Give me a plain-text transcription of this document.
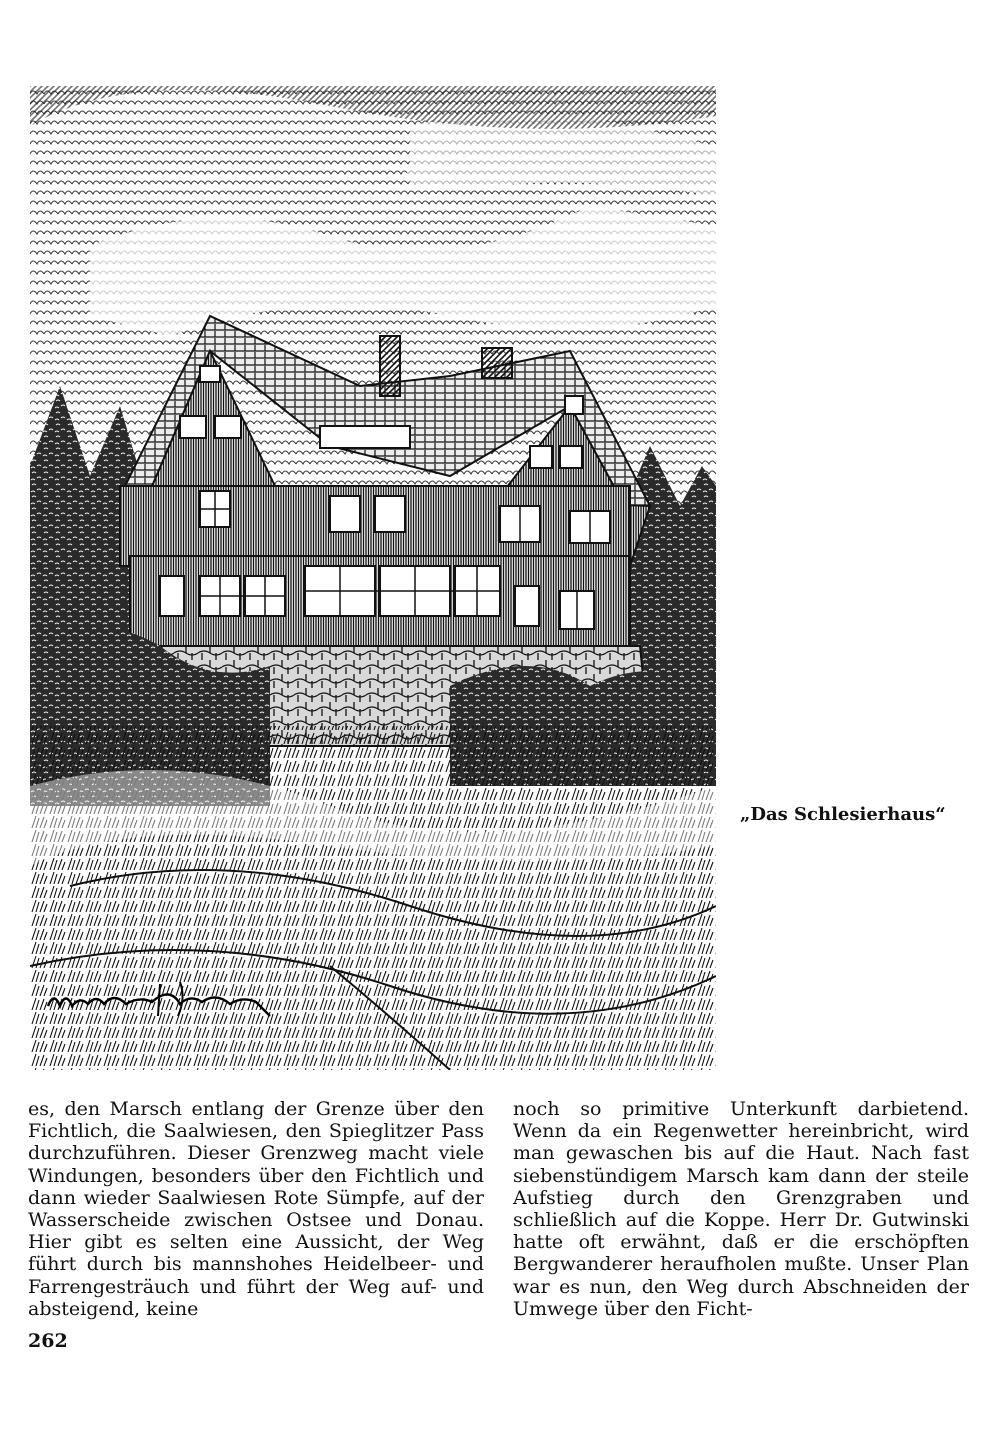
„Das Schlesierhaus“

es, den Marsch entlang der Grenze über den Fichtlich, die Saalwiesen, den Spieglitzer Pass durchzuführen. Dieser Grenzweg macht viele Windungen, besonders über den Fichtlich und dann wieder Saalwiesen Rote Sümpfe, auf der Wasserscheide zwischen Ostsee und Donau. Hier gibt es selten eine Aussicht, der Weg führt durch bis mannshohes Heidelbeer- und Farrengesträuch und führt der Weg auf- und absteigend, keine

noch so primitive Unterkunft darbietend. Wenn da ein Regenwetter hereinbricht, wird man gewaschen bis auf die Haut. Nach fast siebenstündigem Marsch kam dann der steile Aufstieg durch den Grenzgraben und schließlich auf die Koppe. Herr Dr. Gutwinski hatte oft erwähnt, daß er die erschöpften Bergwanderer heraufholen mußte. Unser Plan war es nun, den Weg durch Abschneiden der Umwege über den Ficht-

262
